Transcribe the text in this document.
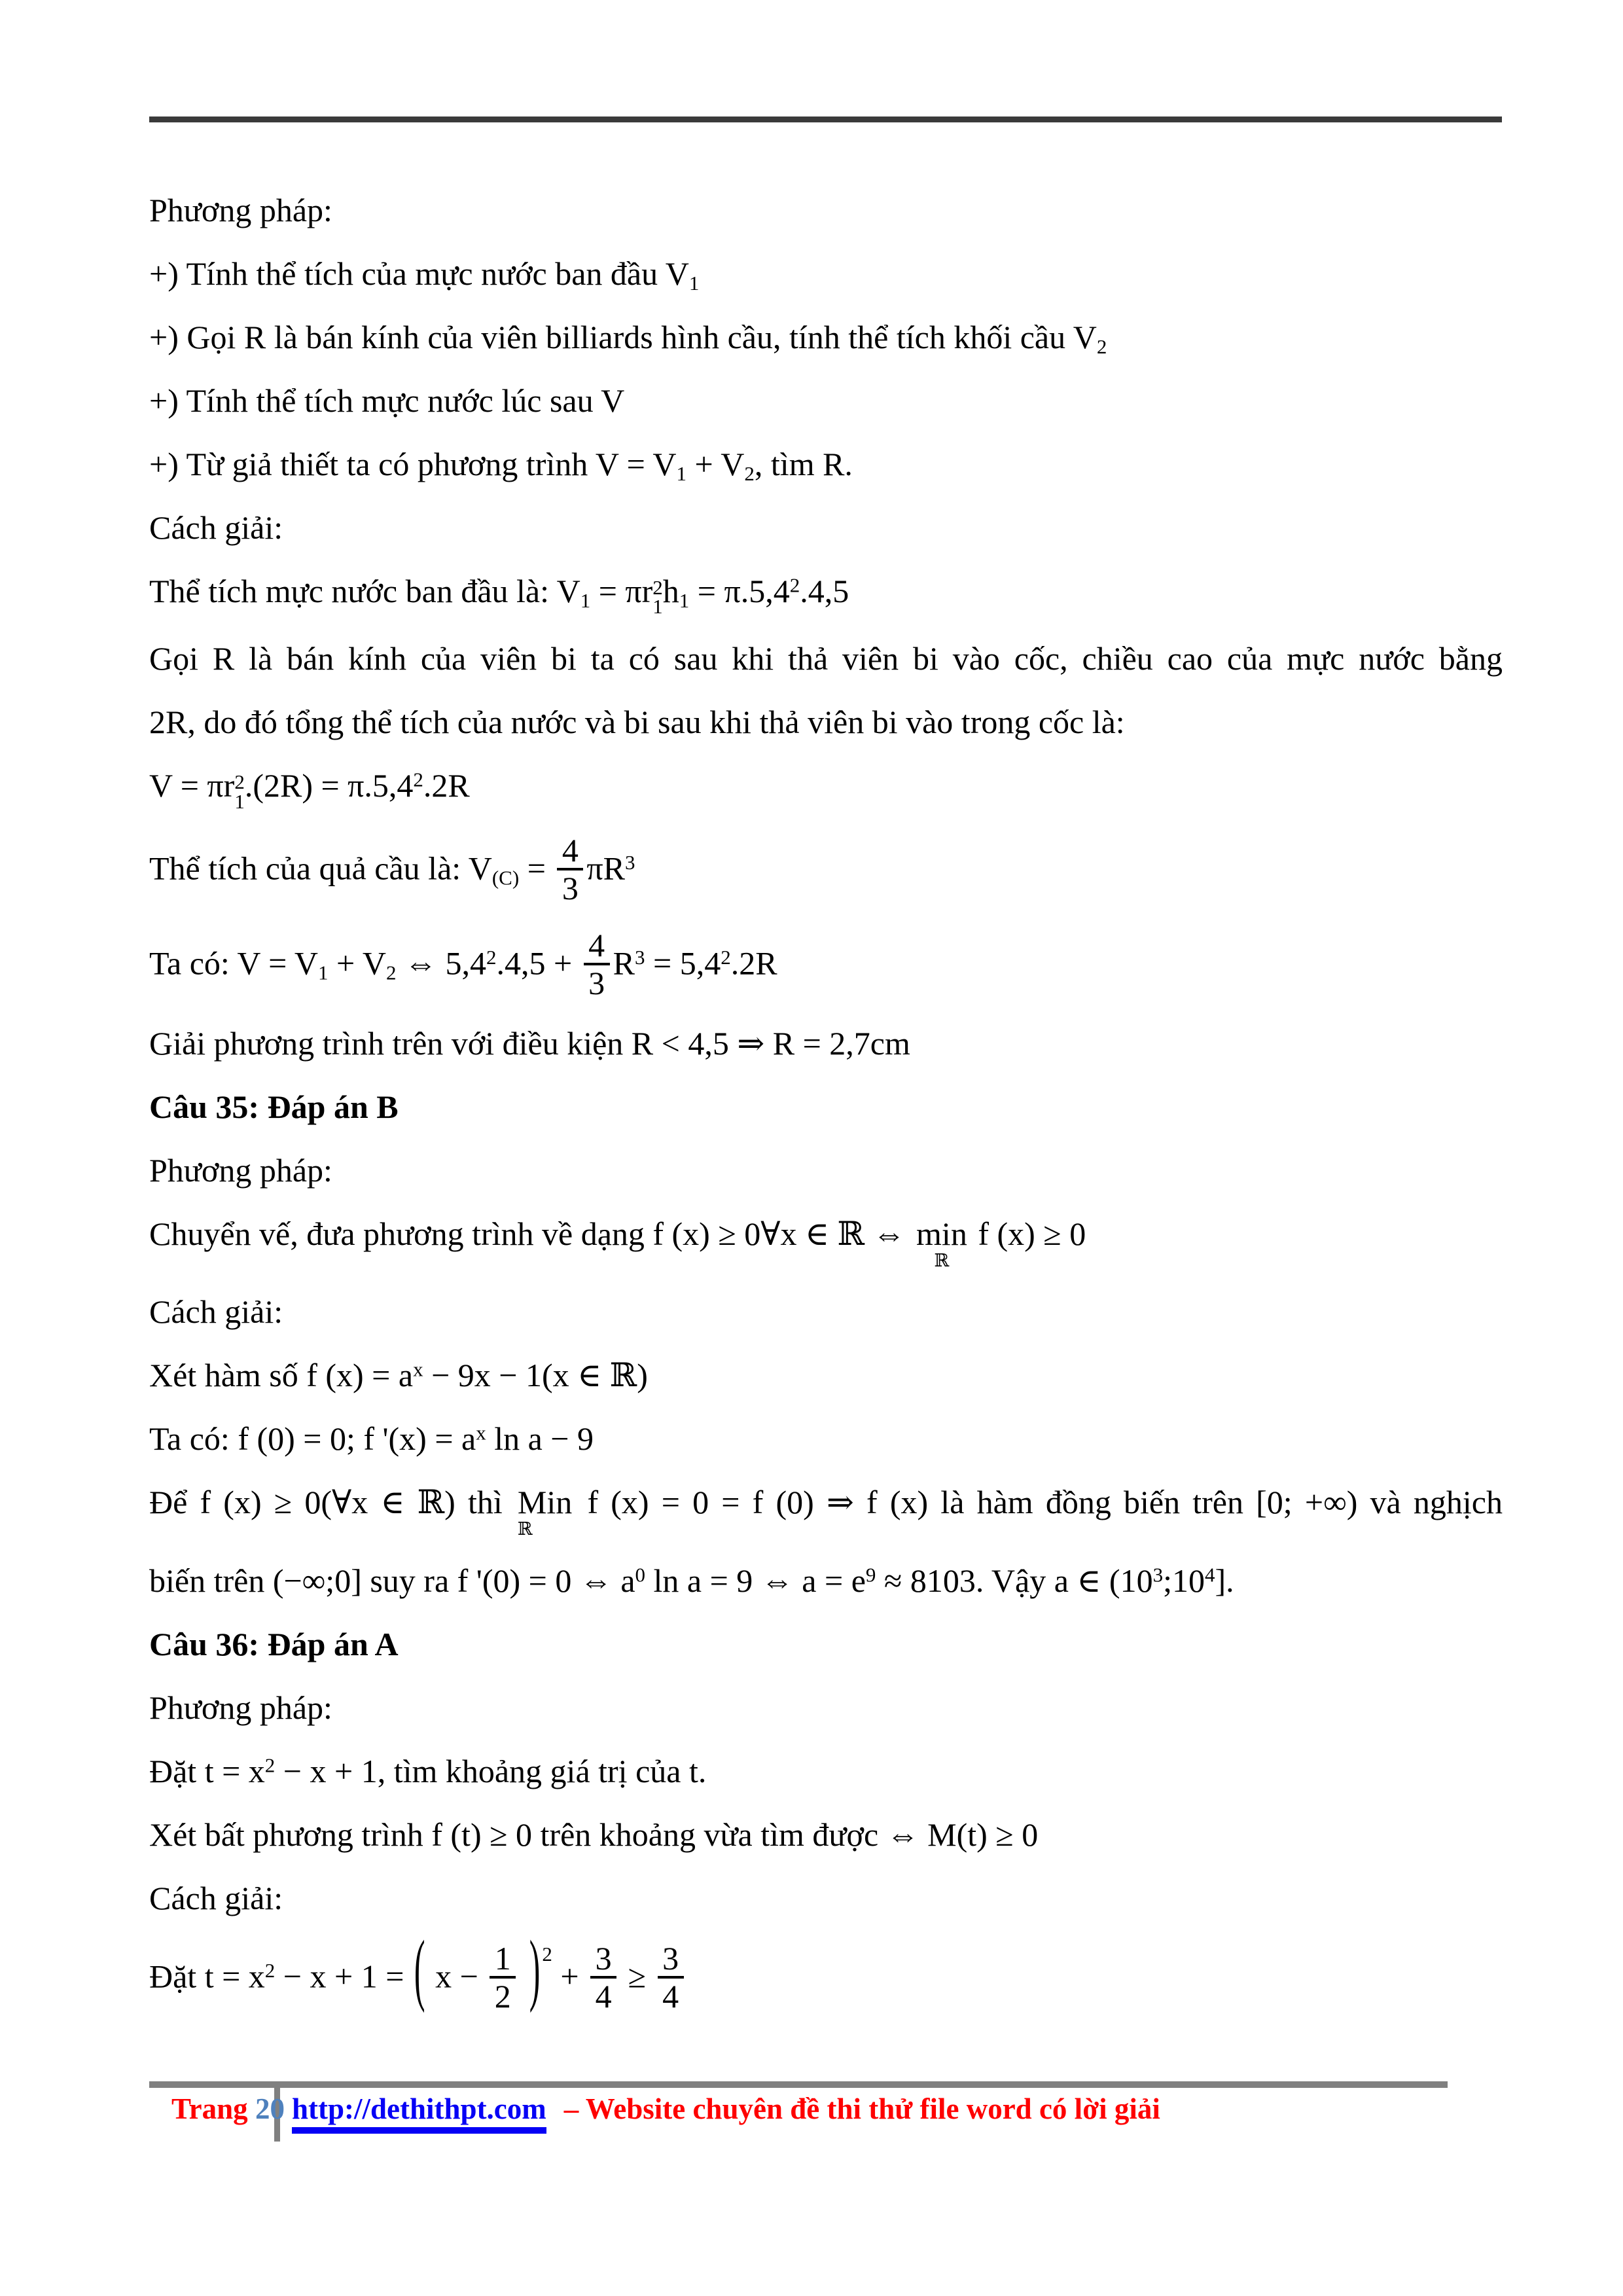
Phương pháp:
+) Tính thể tích của mực nước ban đầu V1
+) Gọi R là bán kính của viên billiards hình cầu, tính thể tích khối cầu V2
+) Tính thể tích mực nước lúc sau V
+) Từ giả thiết ta có phương trình V = V1 + V2, tìm R.
Cách giải:
Thể tích mực nước ban đầu là: V1 = πr 2
1 $h1 = \pi.5,4^2.4,5$
Gọi R là bán kính của viên bi ta có sau khi thả viên bi vào cốc, chiều cao của mực nước bằng
2R, do đó tổng thể tích của nước và bi sau khi thả viên bi vào trong cốc là:
V = πr 2
1 $.(2R) = \pi.5,4^2.2R$
Thể tích của quả cầu là: $V(C) = \frac{4}{3} \pi R^3$
Ta có: V = V1 + V2 ⇔ $5,4^2.4,5 + \frac{4}{3} R^3 = 5,4^2.2R$
Giải phương trình trên với điều kiện R < 4,5 ⇒ R = 2,7cm
Câu 35: Đáp án B
Phương pháp:
Chuyển vế, đưa phương trình về dạng f (x) ≥ 0∀x ∈ ℝ ⇔ min
ℝ
f (x) ≥ 0
Cách giải:
Xét hàm số f $(x) = a^x - 9x - 1(x$ ∈ ℝ)
Ta có: f (0) = 0; f '$(x) = a^x$ ln a − 9
Để f (x) ≥ 0(∀x ∈ ℝ) thì Min
ℝ
f (x) = 0 = f (0) ⇒ f (x) là hàm đồng biến trên [0; +∞) và nghịch
biến trên (−∞;0] suy ra f '(0) = 0 ⇔ $a^0$ ln a = 9 ⇔ $a = e^9 \approx 8103$. Vậy a ∈ $(10^3;10^4]$.
Câu 36: Đáp án A
Phương pháp:
Đặt $t = x^2 - x + 1$, tìm khoảng giá trị của t.
Xét bất phương trình f (t) ≥ 0 trên khoảng vừa tìm được ⇔ M(t) ≥ 0
Cách giải:
Đặt $t = x^2 - x + 1$ = ( $x - \frac{1}{2} )^2 + \frac{3}{4} \ge \frac{3}{4}$
Trang 20 http://dethithpt.com – Website chuyên đề thi thử file word có lời giải
